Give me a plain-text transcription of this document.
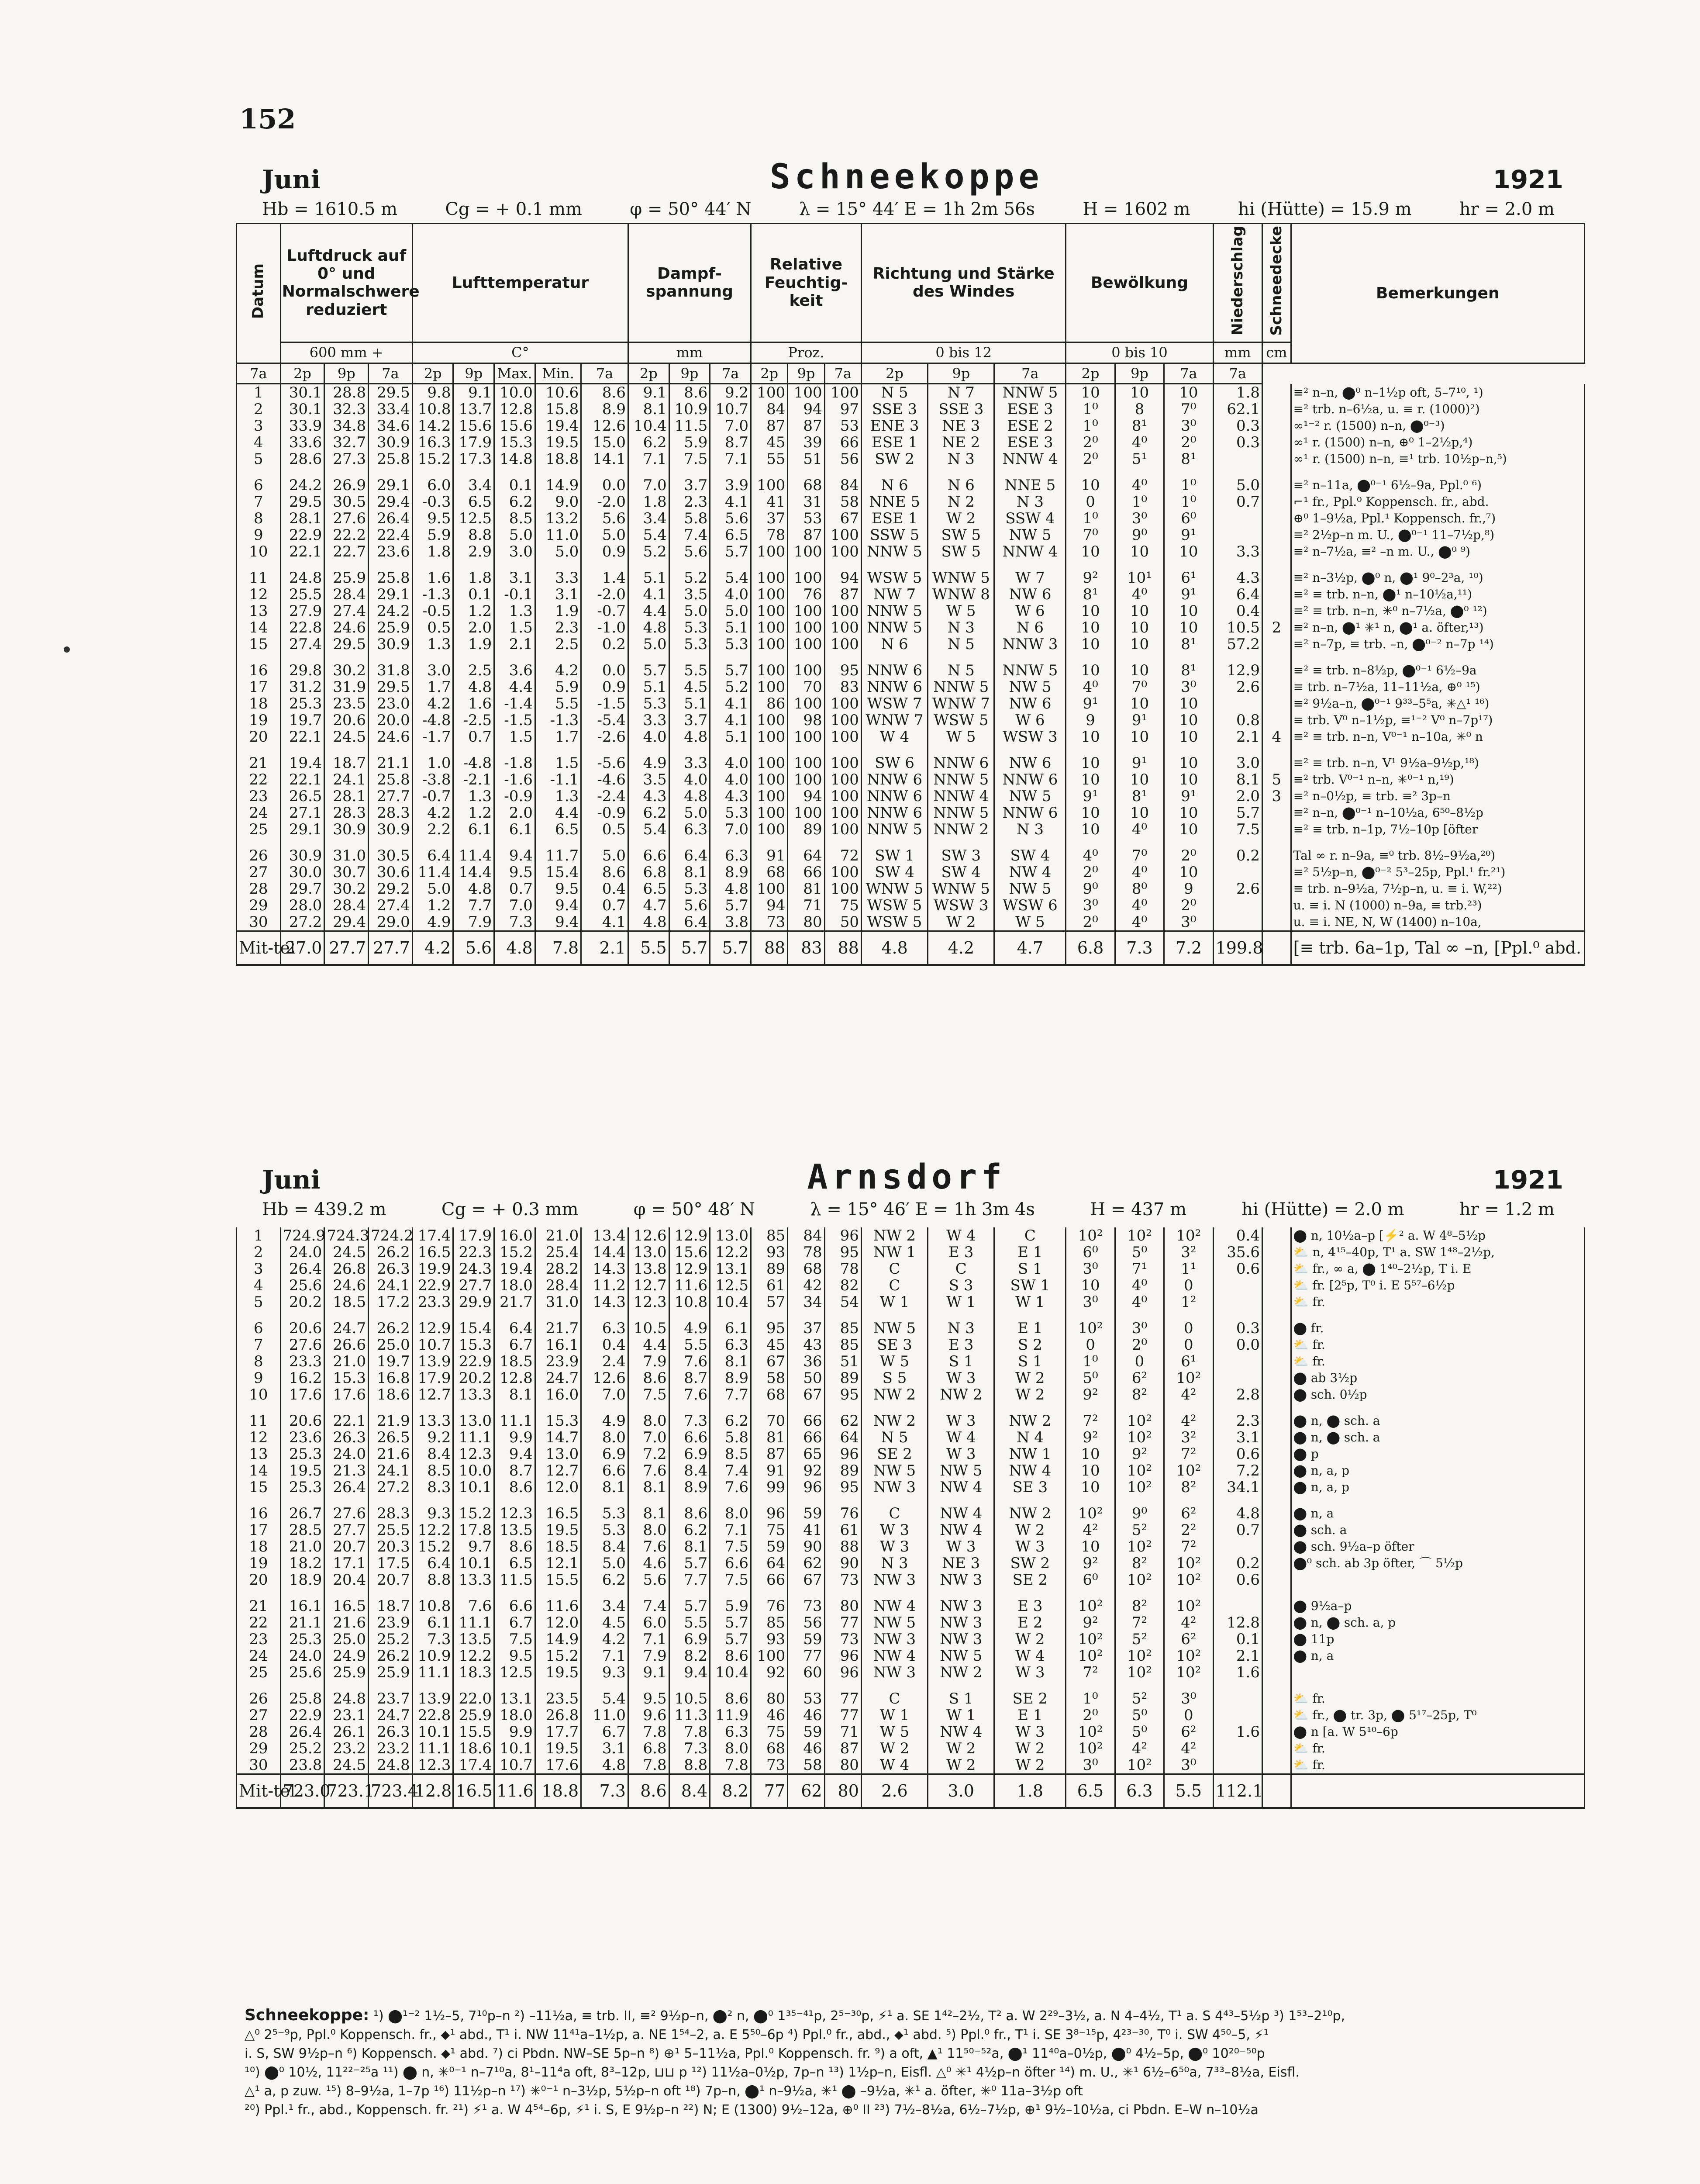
152
Juni	Schneekoppe	1921
Hb = 1610.5 m	Cg = + 0.1 mm	φ = 50° 44′ N	λ = 15° 44′ E = 1h 2m 56s	H = 1602 m	hi (Hütte) = 15.9 m	hr = 2.0 m
Datum	Luftdruck auf 0° und Normalschwere reduziert			Lufttemperatur					Dampfspannung			Relative Feuchtigkeit			Richtung und Stärke des Windes			Bewölkung			Niederschlag	Schneedecke	Bemerkungen
	600 mm +			C°					mm			Proz.			0 bis 12			0 bis 10			mm	cm	
7a	2p	9p	7a	2p	9p	Max.	Min.	7a	2p	9p	7a	2p	9p	7a	2p	9p	7a	2p	9p	7a	7a		
1	30.1	28.8	29.5	9.8	9.1	10.0	10.6	8.6	9.1	8.6	9.2	100	100	100	N 5	N 7	NNW 5	10	10	10	1.8		≡² n–n, ⬤⁰ n–1½p oft, 5–7¹⁰, ¹)
2	30.1	32.3	33.4	10.8	13.7	12.8	15.8	8.9	8.1	10.9	10.7	84	94	97	SSE 3	SSE 3	ESE 3	1⁰	8	7⁰	62.1		≡² trb. n–6½a, u. ≡ r. (1000)²)
3	33.9	34.8	34.6	14.2	15.6	15.6	19.4	12.6	10.4	11.5	7.0	87	87	53	ENE 3	NE 3	ESE 2	1⁰	8¹	3⁰	0.3		∞¹⁻² r. (1500) n–n, ⬤⁰⁻³)
4	33.6	32.7	30.9	16.3	17.9	15.3	19.5	15.0	6.2	5.9	8.7	45	39	66	ESE 1	NE 2	ESE 3	2⁰	4⁰	2⁰	0.3		∞¹ r. (1500) n–n, ⊕⁰ 1–2½p,⁴)
5	28.6	27.3	25.8	15.2	17.3	14.8	18.8	14.1	7.1	7.5	7.1	55	51	56	SW 2	N 3	NNW 4	2⁰	5¹	8¹			∞¹ r. (1500) n–n, ≡¹ trb. 10½p–n,⁵)

6	24.2	26.9	29.1	6.0	3.4	0.1	14.9	0.0	7.0	3.7	3.9	100	68	84	N 6	N 6	NNE 5	10	4⁰	1⁰	5.0		≡² n–11a, ⬤⁰⁻¹ 6½–9a, Ppl.⁰ ⁶)
7	29.5	30.5	29.4	-0.3	6.5	6.2	9.0	-2.0	1.8	2.3	4.1	41	31	58	NNE 5	N 2	N 3	0	1⁰	1⁰	0.7		⌐¹ fr., Ppl.⁰ Koppensch. fr., abd.
8	28.1	27.6	26.4	9.5	12.5	8.5	13.2	5.6	3.4	5.8	5.6	37	53	67	ESE 1	W 2	SSW 4	1⁰	3⁰	6⁰			⊕⁰ 1–9½a, Ppl.¹ Koppensch. fr.,⁷)
9	22.9	22.2	22.4	5.9	8.8	5.0	11.0	5.0	5.4	7.4	6.5	78	87	100	SSW 5	SW 5	NW 5	7⁰	9⁰	9¹			≡² 2½p–n m. U., ⬤⁰⁻¹ 11–7½p,⁸)
10	22.1	22.7	23.6	1.8	2.9	3.0	5.0	0.9	5.2	5.6	5.7	100	100	100	NNW 5	SW 5	NNW 4	10	10	10	3.3		≡² n–7½a, ≡² –n m. U., ⬤⁰ ⁹)

11	24.8	25.9	25.8	1.6	1.8	3.1	3.3	1.4	5.1	5.2	5.4	100	100	94	WSW 5	WNW 5	W 7	9²	10¹	6¹	4.3		≡² n–3½p, ⬤⁰ n, ⬤¹ 9⁰–2³a, ¹⁰)
12	25.5	28.4	29.1	-1.3	0.1	-0.1	3.1	-2.0	4.1	3.5	4.0	100	76	87	NW 7	WNW 8	NW 6	8¹	4⁰	9¹	6.4		≡² ≡ trb. n–n, ⬤¹ n–10½a,¹¹)
13	27.9	27.4	24.2	-0.5	1.2	1.3	1.9	-0.7	4.4	5.0	5.0	100	100	100	NNW 5	W 5	W 6	10	10	10	0.4		≡² ≡ trb. n–n, ✳⁰ n–7½a, ⬤⁰ ¹²)
14	22.8	24.6	25.9	0.5	2.0	1.5	2.3	-1.0	4.8	5.3	5.1	100	100	100	NNW 5	N 3	N 6	10	10	10	10.5	2	≡² n–n, ⬤¹ ✳¹ n, ⬤¹ a. öfter,¹³)
15	27.4	29.5	30.9	1.3	1.9	2.1	2.5	0.2	5.0	5.3	5.3	100	100	100	N 6	N 5	NNW 3	10	10	8¹	57.2		≡² n–7p, ≡ trb. –n, ⬤⁰⁻² n–7p ¹⁴)

16	29.8	30.2	31.8	3.0	2.5	3.6	4.2	0.0	5.7	5.5	5.7	100	100	95	NNW 6	N 5	NNW 5	10	10	8¹	12.9		≡² ≡ trb. n–8½p, ⬤⁰⁻¹ 6½–9a
17	31.2	31.9	29.5	1.7	4.8	4.4	5.9	0.9	5.1	4.5	5.2	100	70	83	NNW 6	NNW 5	NW 5	4⁰	7⁰	3⁰	2.6		≡ trb. n–7½a, 11–11½a, ⊕⁰ ¹⁵)
18	25.3	23.5	23.0	4.2	1.6	-1.4	5.5	-1.5	5.3	5.1	4.1	86	100	100	WSW 7	WNW 7	NW 6	9¹	10	10			≡² 9½a–n, ⬤⁰⁻¹ 9³³–5⁵a, ✳△¹ ¹⁶)
19	19.7	20.6	20.0	-4.8	-2.5	-1.5	-1.3	-5.4	3.3	3.7	4.1	100	98	100	WNW 7	WSW 5	W 6	9	9¹	10	0.8		≡ trb. V⁰ n–1½p, ≡¹⁻² V⁰ n–7p¹⁷)
20	22.1	24.5	24.6	-1.7	0.7	1.5	1.7	-2.6	4.0	4.8	5.1	100	100	100	W 4	W 5	WSW 3	10	10	10	2.1	4	≡² ≡ trb. n–n, V⁰⁻¹ n–10a, ✳⁰ n

21	19.4	18.7	21.1	1.0	-4.8	-1.8	1.5	-5.6	4.9	3.3	4.0	100	100	100	SW 6	NNW 6	NW 6	10	9¹	10	3.0		≡² ≡ trb. n–n, V¹ 9½a–9½p,¹⁸)
22	22.1	24.1	25.8	-3.8	-2.1	-1.6	-1.1	-4.6	3.5	4.0	4.0	100	100	100	NNW 6	NNW 5	NNW 6	10	10	10	8.1	5	≡² trb. V⁰⁻¹ n–n, ✳⁰⁻¹ n,¹⁹)
23	26.5	28.1	27.7	-0.7	1.3	-0.9	1.3	-2.4	4.3	4.8	4.3	100	94	100	NNW 6	NNW 4	NW 5	9¹	8¹	9¹	2.0	3	≡² n–0½p, ≡ trb. ≡² 3p–n
24	27.1	28.3	28.3	4.2	1.2	2.0	4.4	-0.9	6.2	5.0	5.3	100	100	100	NNW 6	NNW 5	NNW 6	10	10	10	5.7		≡² n–n, ⬤⁰⁻¹ n–10½a, 6⁵⁰–8½p
25	29.1	30.9	30.9	2.2	6.1	6.1	6.5	0.5	5.4	6.3	7.0	100	89	100	NNW 5	NNW 2	N 3	10	4⁰	10	7.5		≡² ≡ trb. n–1p, 7½–10p [öfter

26	30.9	31.0	30.5	6.4	11.4	9.4	11.7	5.0	6.6	6.4	6.3	91	64	72	SW 1	SW 3	SW 4	4⁰	7⁰	2⁰	0.2		Tal ∞ r. n–9a, ≡⁰ trb. 8½–9½a,²⁰)
27	30.0	30.7	30.6	11.4	14.4	9.5	15.4	8.6	6.8	8.1	8.9	68	66	100	SW 4	SW 4	NW 4	2⁰	4⁰	10			≡² 5½p–n, ⬤⁰⁻² 5³–25p, Ppl.¹ fr.²¹)
28	29.7	30.2	29.2	5.0	4.8	0.7	9.5	0.4	6.5	5.3	4.8	100	81	100	WNW 5	WNW 5	NW 5	9⁰	8⁰	9	2.6		≡ trb. n–9½a, 7½p–n, u. ≡ i. W,²²)
29	28.0	28.4	27.4	1.2	7.7	7.0	9.4	0.7	4.7	5.6	5.7	94	71	75	WSW 5	WSW 3	WSW 6	3⁰	4⁰	2⁰			u. ≡ i. N (1000) n–9a, ≡ trb.²³)
30	27.2	29.4	29.0	4.9	7.9	7.3	9.4	4.1	4.8	6.4	3.8	73	80	50	WSW 5	W 2	W 5	2⁰	4⁰	3⁰			u. ≡ i. NE, N, W (1400) n–10a,
Mit-tel	27.0	27.7	27.7	4.2	5.6	4.8	7.8	2.1	5.5	5.7	5.7	88	83	88	4.8	4.2	4.7	6.8	7.3	7.2	199.8		[≡ trb. 6a–1p, Tal ∞ –n, [Ppl.⁰ abd.
Juni	Arnsdorf	1921
Hb = 439.2 m	Cg = + 0.3 mm	φ = 50° 48′ N	λ = 15° 46′ E = 1h 3m 4s	H = 437 m	hi (Hütte) = 2.0 m	hr = 1.2 m
1	724.9	724.3	724.2	17.4	17.9	16.0	21.0	13.4	12.6	12.9	13.0	85	84	96	NW 2	W 4	C	10²	10²	10²	0.4		⬤ n, 10½a–p [⚡² a. W 4⁸–5½p
2	24.0	24.5	26.2	16.5	22.3	15.2	25.4	14.4	13.0	15.6	12.2	93	78	95	NW 1	E 3	E 1	6⁰	5⁰	3²	35.6		⛅ n, 4¹⁵–40p, T¹ a. SW 1⁴⁸–2½p,
3	26.4	26.8	26.3	19.9	24.3	19.4	28.2	14.3	13.8	12.9	13.1	89	68	78	C	C	S 1	3⁰	7¹	1¹	0.6		⛅ fr., ∞ a, ⬤ 1⁴⁰–2½p, T i. E
4	25.6	24.6	24.1	22.9	27.7	18.0	28.4	11.2	12.7	11.6	12.5	61	42	82	C	S 3	SW 1	10	4⁰	0			⛅ fr. [2⁵p, T⁰ i. E 5⁵⁷–6½p
5	20.2	18.5	17.2	23.3	29.9	21.7	31.0	14.3	12.3	10.8	10.4	57	34	54	W 1	W 1	W 1	3⁰	4⁰	1²			⛅ fr.

6	20.6	24.7	26.2	12.9	15.4	6.4	21.7	6.3	10.5	4.9	6.1	95	37	85	NW 5	N 3	E 1	10²	3⁰	0	0.3		⬤ fr.
7	27.6	26.6	25.0	10.7	15.3	6.7	16.1	0.4	4.4	5.5	6.3	45	43	85	SE 3	E 3	S 2	0	2⁰	0	0.0		⛅ fr.
8	23.3	21.0	19.7	13.9	22.9	18.5	23.9	2.4	7.9	7.6	8.1	67	36	51	W 5	S 1	S 1	1⁰	0	6¹			⛅ fr.
9	16.2	15.3	16.8	17.9	20.2	12.8	24.7	12.6	8.6	8.7	8.9	58	50	89	S 5	W 3	W 2	5⁰	6²	10²			⬤ ab 3½p
10	17.6	17.6	18.6	12.7	13.3	8.1	16.0	7.0	7.5	7.6	7.7	68	67	95	NW 2	NW 2	W 2	9²	8²	4²	2.8		⬤ sch. 0½p

11	20.6	22.1	21.9	13.3	13.0	11.1	15.3	4.9	8.0	7.3	6.2	70	66	62	NW 2	W 3	NW 2	7²	10²	4²	2.3		⬤ n, ⬤ sch. a
12	23.6	26.3	26.5	9.2	11.1	9.9	14.7	8.0	7.0	6.6	5.8	81	66	64	N 5	W 4	N 4	9²	10²	3²	3.1		⬤ n, ⬤ sch. a
13	25.3	24.0	21.6	8.4	12.3	9.4	13.0	6.9	7.2	6.9	8.5	87	65	96	SE 2	W 3	NW 1	10	9²	7²	0.6		⬤ p
14	19.5	21.3	24.1	8.5	10.0	8.7	12.7	6.6	7.6	8.4	7.4	91	92	89	NW 5	NW 5	NW 4	10	10²	10²	7.2		⬤ n, a, p
15	25.3	26.4	27.2	8.3	10.1	8.6	12.0	8.1	8.1	8.9	7.6	99	96	95	NW 3	NW 4	SE 3	10	10²	8²	34.1		⬤ n, a, p

16	26.7	27.6	28.3	9.3	15.2	12.3	16.5	5.3	8.1	8.6	8.0	96	59	76	C	NW 4	NW 2	10²	9⁰	6²	4.8		⬤ n, a
17	28.5	27.7	25.5	12.2	17.8	13.5	19.5	5.3	8.0	6.2	7.1	75	41	61	W 3	NW 4	W 2	4²	5²	2²	0.7		⬤ sch. a
18	21.0	20.7	20.3	15.2	9.7	8.6	18.5	8.4	7.6	8.1	7.5	59	90	88	W 3	W 3	W 3	10	10²	7²			⬤ sch. 9½a–p öfter
19	18.2	17.1	17.5	6.4	10.1	6.5	12.1	5.0	4.6	5.7	6.6	64	62	90	N 3	NE 3	SW 2	9²	8²	10²	0.2		⬤⁰ sch. ab 3p öfter, ⌒ 5½p
20	18.9	20.4	20.7	8.8	13.3	11.5	15.5	6.2	5.6	7.7	7.5	66	67	73	NW 3	NW 3	SE 2	6⁰	10²	10²	0.6		

21	16.1	16.5	18.7	10.8	7.6	6.6	11.6	3.4	7.4	5.7	5.9	76	73	80	NW 4	NW 3	E 3	10²	8²	10²			⬤ 9½a–p
22	21.1	21.6	23.9	6.1	11.1	6.7	12.0	4.5	6.0	5.5	5.7	85	56	77	NW 5	NW 3	E 2	9²	7²	4²	12.8		⬤ n, ⬤ sch. a, p
23	25.3	25.0	25.2	7.3	13.5	7.5	14.9	4.2	7.1	6.9	5.7	93	59	73	NW 3	NW 3	W 2	10²	5²	6²	0.1		⬤ 11p
24	24.0	24.9	26.2	10.9	12.2	9.5	15.2	7.1	7.9	8.2	8.6	100	77	96	NW 4	NW 5	W 4	10²	10²	10²	2.1		⬤ n, a
25	25.6	25.9	25.9	11.1	18.3	12.5	19.5	9.3	9.1	9.4	10.4	92	60	96	NW 3	NW 2	W 3	7²	10²	10²	1.6		

26	25.8	24.8	23.7	13.9	22.0	13.1	23.5	5.4	9.5	10.5	8.6	80	53	77	C	S 1	SE 2	1⁰	5²	3⁰			⛅ fr.
27	22.9	23.1	24.7	22.8	25.9	18.0	26.8	11.0	9.6	11.3	11.9	46	46	77	W 1	W 1	E 1	2⁰	5⁰	0			⛅ fr., ⬤ tr. 3p, ⬤ 5¹⁷–25p, T⁰
28	26.4	26.1	26.3	10.1	15.5	9.9	17.7	6.7	7.8	7.8	6.3	75	59	71	W 5	NW 4	W 3	10²	5⁰	6²	1.6		⬤ n [a. W 5¹⁰–6p
29	25.2	23.2	23.2	11.1	18.6	10.1	19.5	3.1	6.8	7.3	8.0	68	46	87	W 2	W 2	W 2	10²	4²	4²			⛅ fr.
30	23.8	24.5	24.8	12.3	17.4	10.7	17.6	4.8	7.8	8.8	7.8	73	58	80	W 4	W 2	W 2	3⁰	10²	3⁰			⛅ fr.
Mit-tel	723.0	723.1	723.4	12.8	16.5	11.6	18.8	7.3	8.6	8.4	8.2	77	62	80	2.6	3.0	1.8	6.5	6.3	5.5	112.1		
Schneekoppe: ¹) ⬤¹⁻² 1½–5, 7¹⁰p–n ²) –11½a, ≡ trb. II, ≡² 9½p–n, ⬤² n, ⬤⁰ 1³⁵⁻⁴¹p, 2⁵⁻³⁰p, ⚡¹ a. SE 1⁴²–2½, T² a. W 2²⁹–3½, a. N 4–4½, T¹ a. S 4⁴³–5½p ³) 1⁵³–2¹⁰p,
△⁰ 2⁵⁻⁹p, Ppl.⁰ Koppensch. fr., ⬥¹ abd., T¹ i. NW 11⁴¹a–1½p, a. NE 1⁵⁴–2, a. E 5⁵⁰–6p ⁴) Ppl.⁰ fr., abd., ⬥¹ abd. ⁵) Ppl.⁰ fr., T¹ i. SE 3⁸⁻¹⁵p, 4²³⁻³⁰, T⁰ i. SW 4⁵⁰–5, ⚡¹
i. S, SW 9½p–n ⁶) Koppensch. ⬥¹ abd. ⁷) ci Pbdn. NW–SE 5p–n ⁸) ⊕¹ 5–11½a, Ppl.⁰ Koppensch. fr. ⁹) a oft, ▲¹ 11⁵⁰⁻⁵²a, ⬤¹ 11⁴⁰a–0½p, ⬤⁰ 4½–5p, ⬤⁰ 10²⁰⁻⁵⁰p
¹⁰) ⬤⁰ 10½, 11²²⁻²⁵a ¹¹) ⬤ n, ✳⁰⁻¹ n–7¹⁰a, 8¹–11⁴a oft, 8³–12p, ⊔⊔ p ¹²) 11½a–0½p, 7p–n ¹³) 1½p–n, Eisfl. △⁰ ✳¹ 4½p–n öfter ¹⁴) m. U., ✳¹ 6½–6⁵⁰a, 7³³–8½a, Eisfl.
△¹ a, p zuw. ¹⁵) 8–9½a, 1–7p ¹⁶) 11½p–n ¹⁷) ✳⁰⁻¹ n–3½p, 5½p–n oft ¹⁸) 7p–n, ⬤¹ n–9½a, ✳¹ ⬤ –9½a, ✳¹ a. öfter, ✳⁰ 11a–3½p oft
²⁰) Ppl.¹ fr., abd., Koppensch. fr. ²¹) ⚡¹ a. W 4⁵⁴–6p, ⚡¹ i. S, E 9½p–n ²²) N; E (1300) 9½–12a, ⊕⁰ II ²³) 7½–8½a, 6½–7½p, ⊕¹ 9½–10½a, ci Pbdn. E–W n–10½a
